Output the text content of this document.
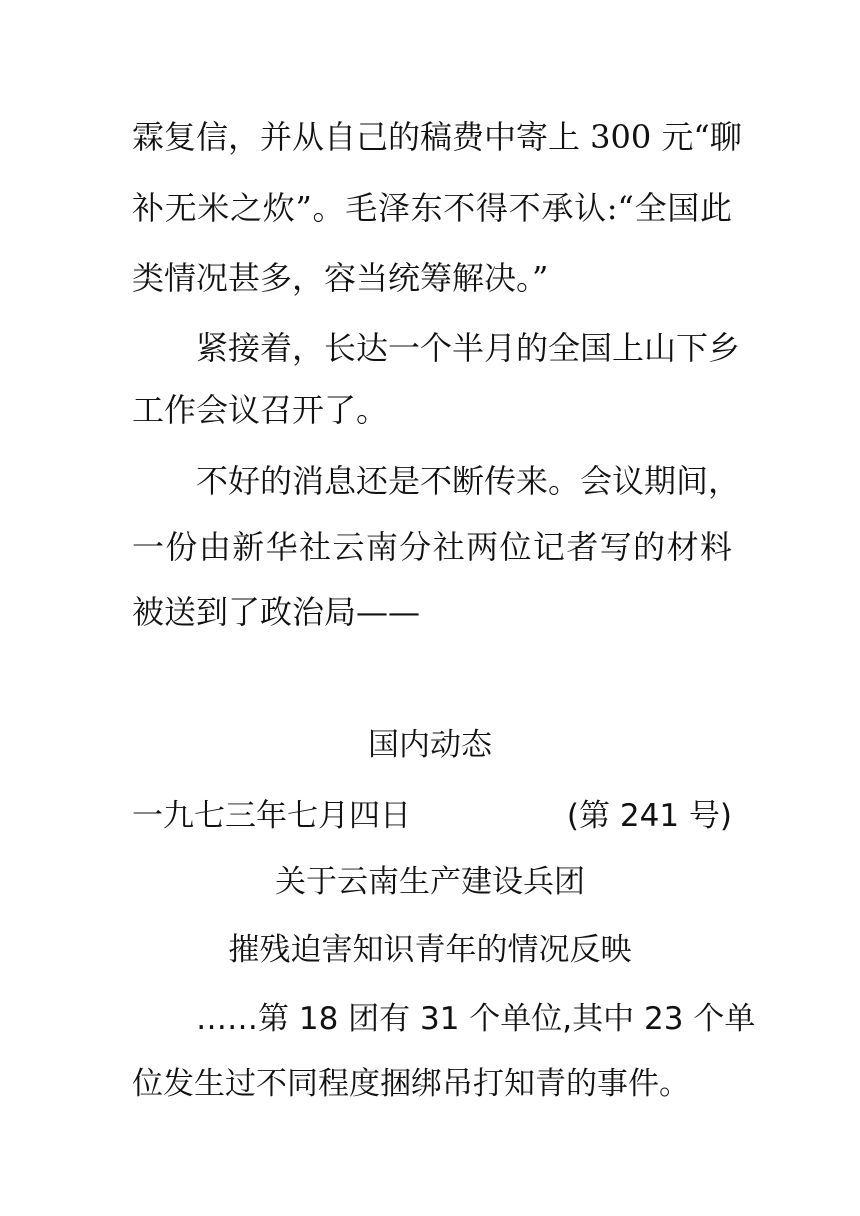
霖复信，并从自己的稿费中寄上 300 元“聊
补无米之炊”。毛泽东不得不承认:“全国此
类情况甚多，容当统筹解决。”
紧接着，长达一个半月的全国上山下乡
工作会议召开了。
不好的消息还是不断传来。会议期间，
一份由新华社云南分社两位记者写的材料
被送到了政治局——
国内动态
一九七三年七月四日	(第 241 号)
关于云南生产建设兵团
摧残迫害知识青年的情况反映
……第 18 团有 31 个单位,其中 23 个单
位发生过不同程度捆绑吊打知青的事件。
